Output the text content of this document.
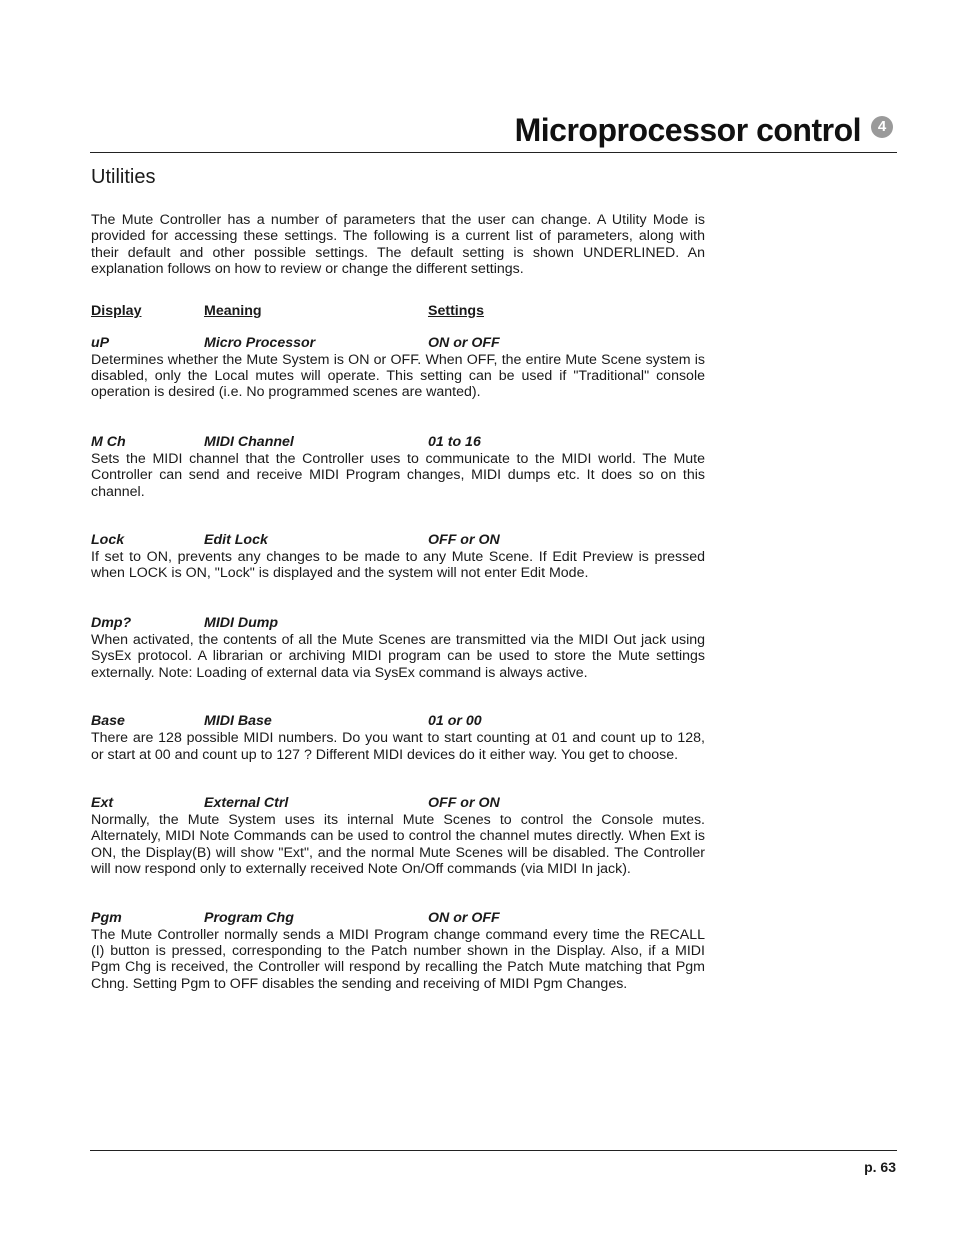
Microprocessor control 4
Utilities

The Mute Controller has a number of parameters that the user can change. A Utility Mode is provided for accessing these settings. The following is a current list of parameters, along with their default and other possible settings. The default setting is shown UNDERLINED. An explanation follows on how to review or change the different settings.

Display	Meaning	Settings
uP	Micro Processor	ON or OFF

Determines whether the Mute System is ON or OFF. When OFF, the entire Mute Scene system is disabled, only the Local mutes will operate. This setting can be used if "Traditional" console operation is desired (i.e. No programmed scenes are wanted).

M Ch	MIDI Channel	01 to 16

Sets the MIDI channel that the Controller uses to communicate to the MIDI world. The Mute Controller can send and receive MIDI Program changes, MIDI dumps etc. It does so on this channel.

Lock	Edit Lock	OFF or ON

If set to ON, prevents any changes to be made to any Mute Scene. If Edit Preview is pressed when LOCK is ON, "Lock" is displayed and the system will not enter Edit Mode.

Dmp?	MIDI Dump

When activated, the contents of all the Mute Scenes are transmitted via the MIDI Out jack using SysEx protocol. A librarian or archiving MIDI program can be used to store the Mute settings externally. Note: Loading of external data via SysEx command is always active.

Base	MIDI Base	01 or 00

There are 128 possible MIDI numbers. Do you want to start counting at 01 and count up to 128, or start at 00 and count up to 127 ? Different MIDI devices do it either way. You get to choose.

Ext	External Ctrl	OFF or ON

Normally, the Mute System uses its internal Mute Scenes to control the Console mutes. Alternately, MIDI Note Commands can be used to control the channel mutes directly. When Ext is ON, the Display(B) will show "Ext", and the normal Mute Scenes will be disabled. The Controller will now respond only to externally received Note On/Off commands (via MIDI In jack).

Pgm	Program Chg	ON or OFF

The Mute Controller normally sends a MIDI Program change command every time the RECALL (I) button is pressed, corresponding to the Patch number shown in the Display. Also, if a MIDI Pgm Chg is received, the Controller will respond by recalling the Patch Mute matching that Pgm Chng. Setting Pgm to OFF disables the sending and receiving of MIDI Pgm Changes.

p. 63
